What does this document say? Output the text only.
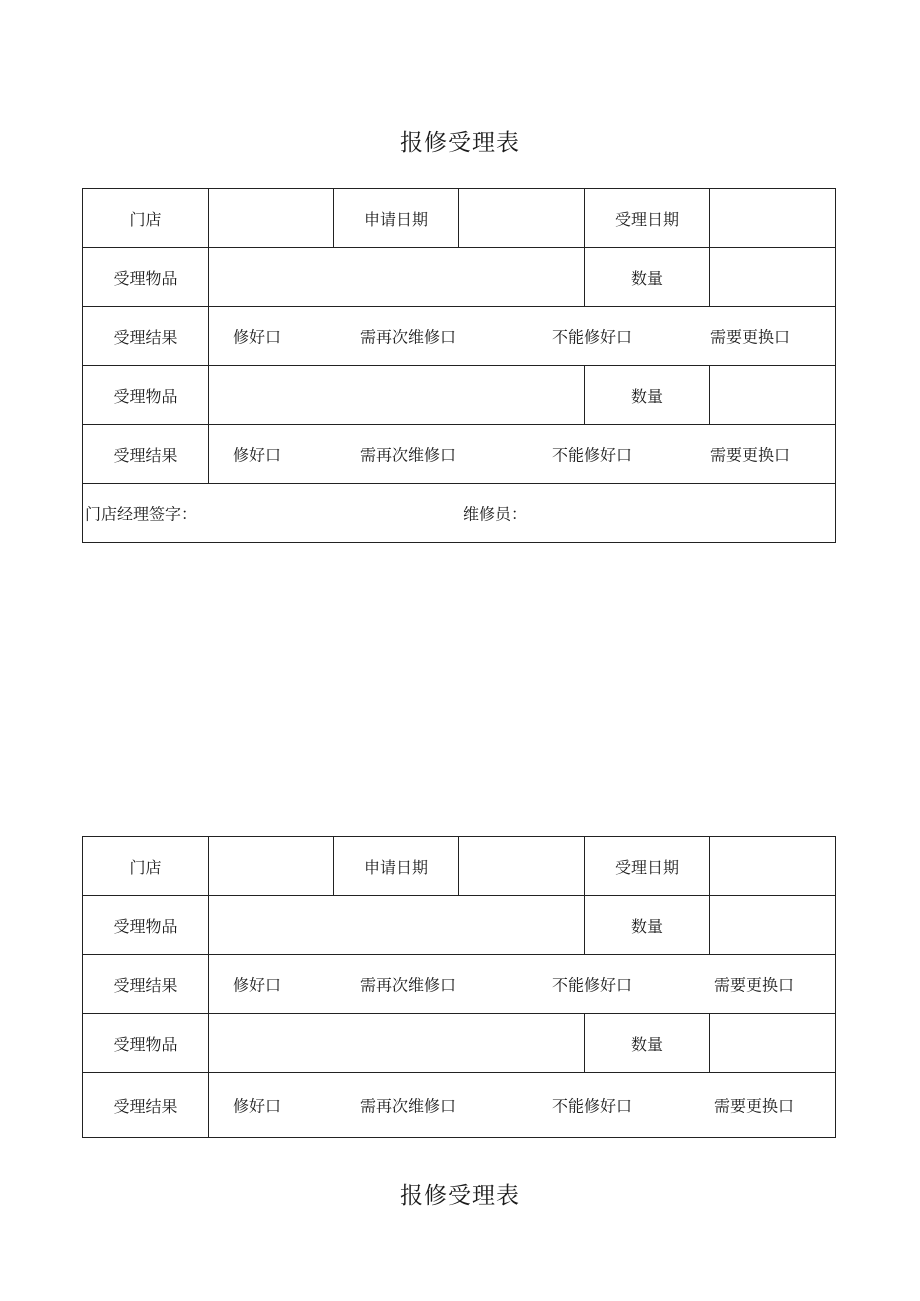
报修受理表
门店		申请日期		受理日期	
受理物品				数量	
受理结果	修好口 需再次维修口 不能修好口 需要更换口				

受理物品				数量	
受理结果	修好口 需再次维修口 不能修好口 需要更换口				

门店经理签字： 维修员：					
门店		申请日期		受理日期	
受理物品				数量	
受理结果	修好口 需再次维修口 不能修好口 需要更换口				

受理物品				数量	
受理结果	修好口 需再次维修口 不能修好口 需要更换口				
报修受理表
